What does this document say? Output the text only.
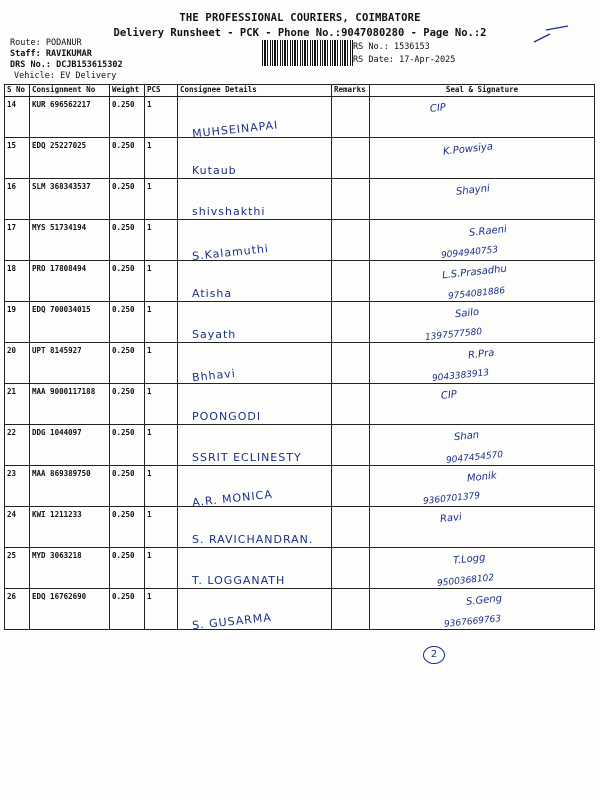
THE PROFESSIONAL COURIERS, COIMBATORE
Delivery Runsheet - PCK - Phone No.:9047080280 - Page No.:2
Route: PODANUR
Staff: RAVIKUMAR
DRS No.: DCJB153615302
Vehicle: EV Delivery
RS No.: 1536153
RS Date: 17-Apr-2025
S No	Consignment No	Weight	PCS	Consignee Details	Remarks	Seal & Signature

14	KUR 696562217	0.250	1	MUHSEINAPAI		CIP

15	EDQ 25227025	0.250	1	Kutaub		K.Powsiya

16	SLM 368343537	0.250	1	shivshakthi		Shayni

17	MYS 51734194	0.250	1	S.Kalamuthi		S.Raeni
9094940753

18	PRO 17808494	0.250	1	Atisha		L.S.Prasadhu
9754081886

19	EDQ 700034015	0.250	1	Sayath		Sailo
1397577580

20	UPT 8145927	0.250	1	Bhhavi		R.Pra
9043383913

21	MAA 9000117188	0.250	1	POONGODI		CIP

22	DDG 1044097	0.250	1	SSRIT ECLINESTY		Shan
9047454570

23	MAA 869389750	0.250	1	A.R. MONICA		Monik
9360701379

24	KWI 1211233	0.250	1	S. RAVICHANDRAN.		Ravi

25	MYD 3063218	0.250	1	T. LOGGANATH		T.Logg
9500368102

26	EDQ 16762690	0.250	1	S. GUSARMA		S.Geng
9367669763
2
